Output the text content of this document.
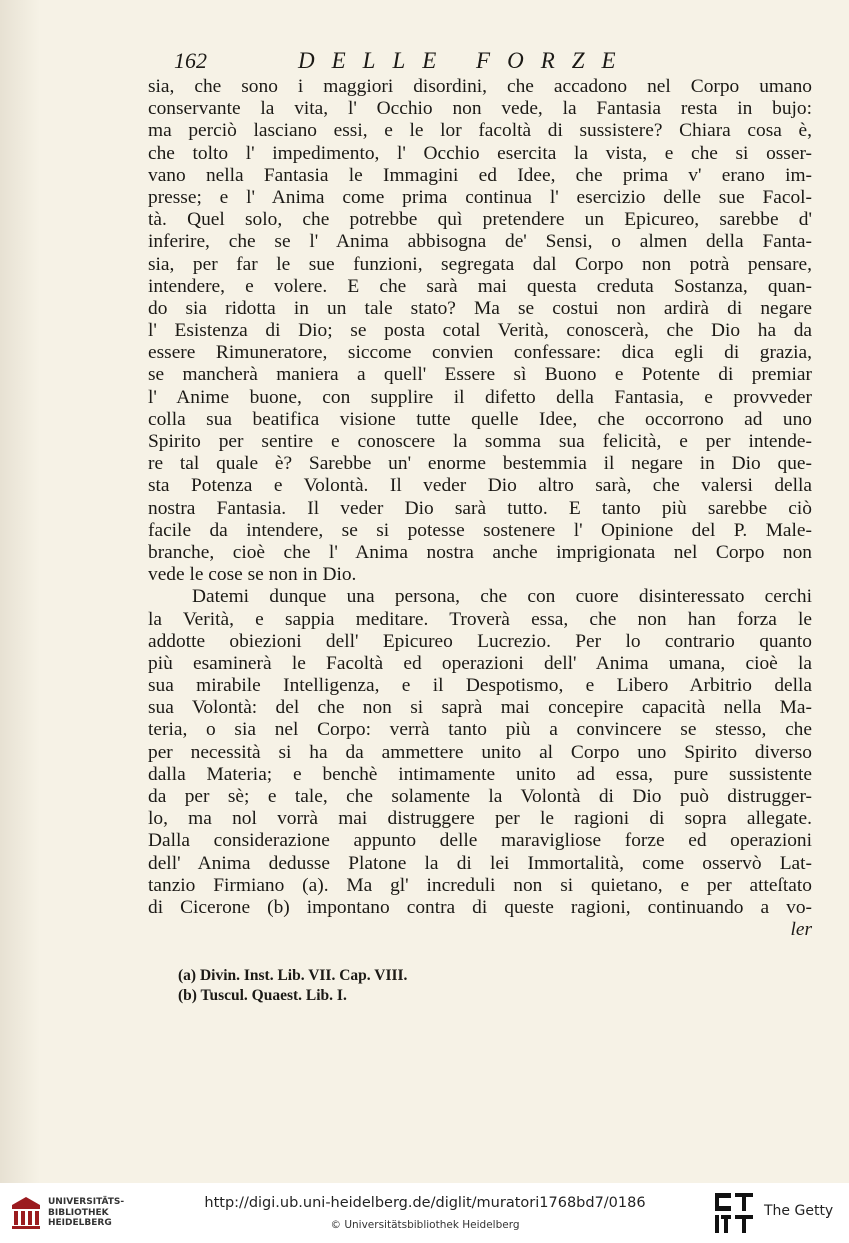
162	DELLE FORZE
sia, che sono i maggiori disordini, che accadono nel Corpo umano
conservante la vita, l' Occhio non vede, la Fantasia resta in bujo:
ma perciò lasciano essi, e le lor facoltà di sussistere? Chiara cosa è,
che tolto l' impedimento, l' Occhio esercita la vista, e che si osser-
vano nella Fantasia le Immagini ed Idee, che prima v' erano im-
presse; e l' Anima come prima continua l' esercizio delle sue Facol-
tà. Quel solo, che potrebbe quì pretendere un Epicureo, sarebbe d'
inferire, che se l' Anima abbisogna de' Sensi, o almen della Fanta-
sia, per far le sue funzioni, segregata dal Corpo non potrà pensare,
intendere, e volere. E che sarà mai questa creduta Sostanza, quan-
do sia ridotta in un tale stato? Ma se costui non ardirà di negare
l' Esistenza di Dio; se posta cotal Verità, conoscerà, che Dio ha da
essere Rimuneratore, siccome convien confessare: dica egli di grazia,
se mancherà maniera a quell' Essere sì Buono e Potente di premiar
l' Anime buone, con supplire il difetto della Fantasia, e provveder
colla sua beatifica visione tutte quelle Idee, che occorrono ad uno
Spirito per sentire e conoscere la somma sua felicità, e per intende-
re tal quale è? Sarebbe un' enorme bestemmia il negare in Dio que-
sta Potenza e Volontà. Il veder Dio altro sarà, che valersi della
nostra Fantasia. Il veder Dio sarà tutto. E tanto più sarebbe ciò
facile da intendere, se si potesse sostenere l' Opinione del P. Male-
branche, cioè che l' Anima nostra anche imprigionata nel Corpo non
vede le cose se non in Dio.
Datemi dunque una persona, che con cuore disinteressato cerchi
la Verità, e sappia meditare. Troverà essa, che non han forza le
addotte obiezioni dell' Epicureo Lucrezio. Per lo contrario quanto
più esaminerà le Facoltà ed operazioni dell' Anima umana, cioè la
sua mirabile Intelligenza, e il Despotismo, e Libero Arbitrio della
sua Volontà: del che non si saprà mai concepire capacità nella Ma-
teria, o sia nel Corpo: verrà tanto più a convincere se stesso, che
per necessità si ha da ammettere unito al Corpo uno Spirito diverso
dalla Materia; e benchè intimamente unito ad essa, pure sussistente
da per sè; e tale, che solamente la Volontà di Dio può distrugger-
lo, ma nol vorrà mai distruggere per le ragioni di sopra allegate.
Dalla considerazione appunto delle maravigliose forze ed operazioni
dell' Anima dedusse Platone la di lei Immortalità, come osservò Lat-
tanzio Firmiano (a). Ma gl' increduli non si quietano, e per atteſtato
di Cicerone (b) impontano contra di queste ragioni, continuando a vo-
ler
(a) Divin. Inst. Lib. VII. Cap. VIII.
(b) Tuscul. Quaest. Lib. I.
UNIVERSITÄTS-
BIBLIOTHEK
HEIDELBERG
http://digi.ub.uni-heidelberg.de/diglit/muratori1768bd7/0186
© Universitätsbibliothek Heidelberg
The Getty
